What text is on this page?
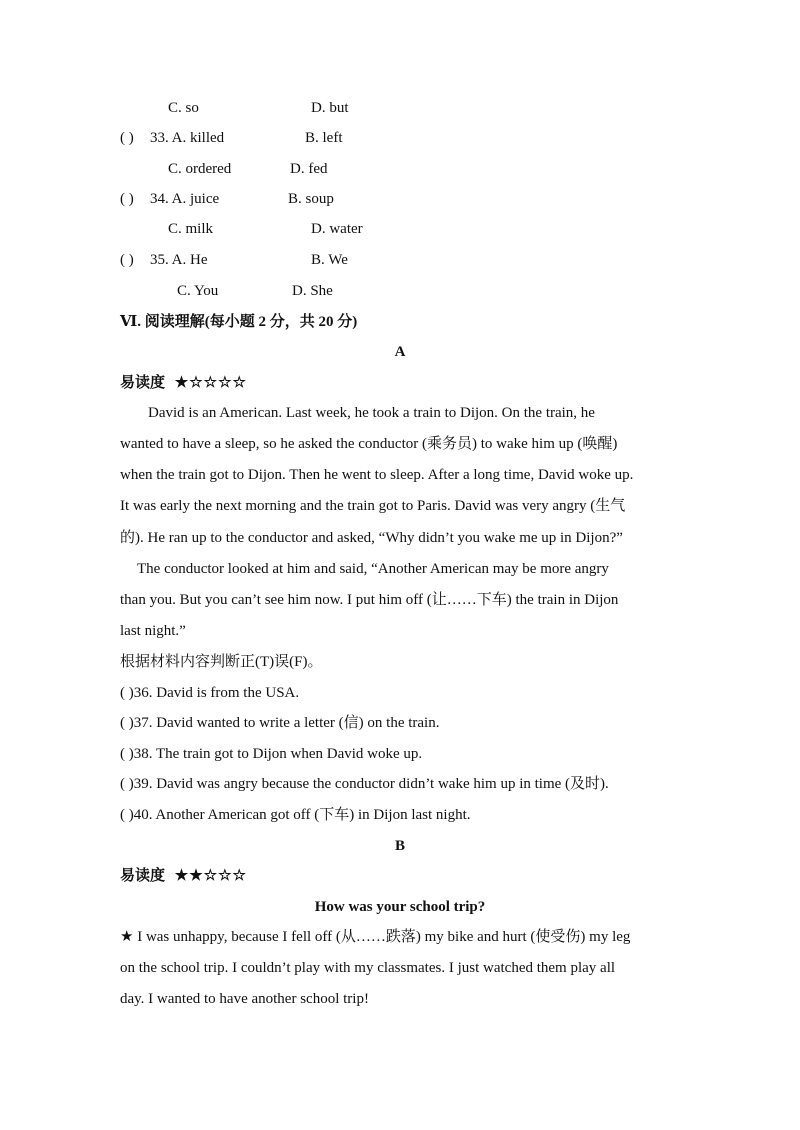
C. so	D. but
( ) 33. A. killed	B. left
C. ordered	D. fed
( ) 34. A. juice	B. soup
C. milk	D. water
( ) 35. A. He	B. We
C. You	D. She
Ⅵ. 阅读理解(每小题 2 分，共 20 分)
A
易读度 ★☆☆☆☆
David is an American. Last week, he took a train to Dijon. On the train, he
wanted to have a sleep, so he asked the conductor (乘务员) to wake him up (唤醒)
when the train got to Dijon. Then he went to sleep. After a long time, David woke up.
It was early the next morning and the train got to Paris. David was very angry (生气
的). He ran up to the conductor and asked, “Why didn’t you wake me up in Dijon?”
The conductor looked at him and said, “Another American may be more angry
than you. But you can’t see him now. I put him off (让……下车) the train in Dijon
last night.”
根据材料内容判断正(T)误(F)。
( )36. David is from the USA.
( )37. David wanted to write a letter (信) on the train.
( )38. The train got to Dijon when David woke up.
( )39. David was angry because the conductor didn’t wake him up in time (及时).
( )40. Another American got off (下车) in Dijon last night.
B
易读度 ★★☆☆☆
How was your school trip?
★ I was unhappy, because I fell off (从……跌落) my bike and hurt (使受伤) my leg
on the school trip. I couldn’t play with my classmates. I just watched them play all
day. I wanted to have another school trip!
